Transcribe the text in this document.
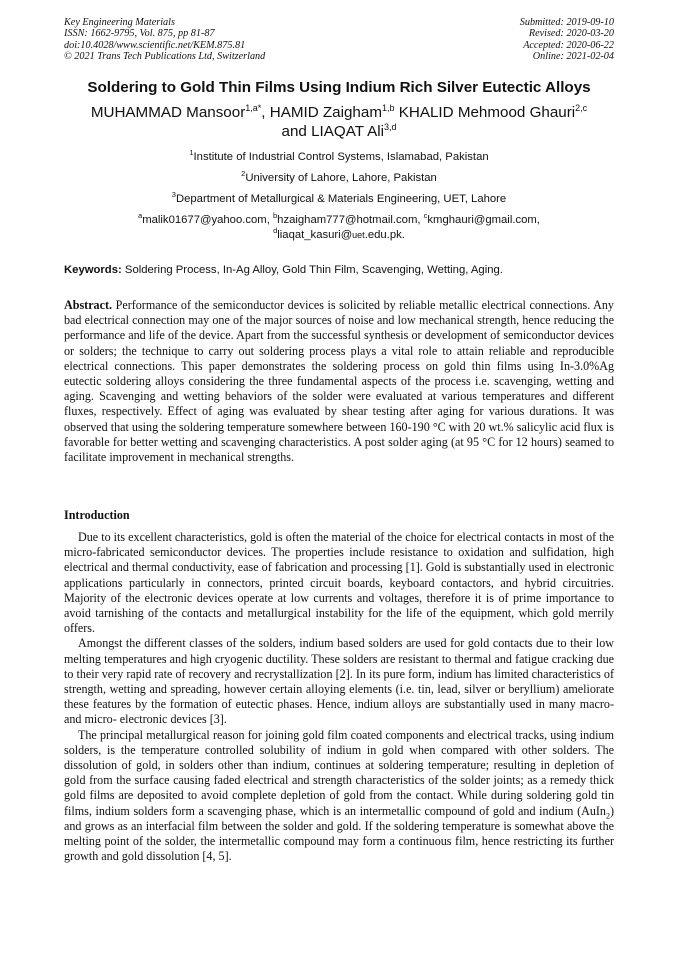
Key Engineering Materials
ISSN: 1662-9795, Vol. 875, pp 81-87
doi:10.4028/www.scientific.net/KEM.875.81
© 2021 Trans Tech Publications Ltd, Switzerland
Submitted: 2019-09-10
Revised: 2020-03-20
Accepted: 2020-06-22
Online: 2021-02-04
Soldering to Gold Thin Films Using Indium Rich Silver Eutectic Alloys
MUHAMMAD Mansoor$^{1,a*}$, HAMID Zaigham$^{1,b}$ KHALID Mehmood Ghauri$^{2,c}$
and LIAQAT Ali$^{3,d}$
$^1$Institute of Industrial Control Systems, Islamabad, Pakistan
$^2$University of Lahore, Lahore, Pakistan
$^3$Department of Metallurgical & Materials Engineering, UET, Lahore
$^a$malik01677@yahoo.com, $^b$hzaigham777@hotmail.com, $^c$kmghauri@gmail.com,
$^d$liaqat_kasuri@uet.edu.pk.
Keywords: Soldering Process, In-Ag Alloy, Gold Thin Film, Scavenging, Wetting, Aging.

Abstract. Performance of the semiconductor devices is solicited by reliable metallic electrical connections. Any bad electrical connection may one of the major sources of noise and low mechanical strength, hence reducing the performance and life of the device. Apart from the successful synthesis or development of semiconductor devices or solders; the technique to carry out soldering process plays a vital role to attain reliable and reproducible electrical connections. This paper demonstrates the soldering process on gold thin films using In-3.0%Ag eutectic soldering alloys considering the three fundamental aspects of the process i.e. scavenging, wetting and aging. Scavenging and wetting behaviors of the solder were evaluated at various temperatures and different fluxes, respectively. Effect of aging was evaluated by shear testing after aging for various durations. It was observed that using the soldering temperature somewhere between 160-190 °C with 20 wt.% salicylic acid flux is favorable for better wetting and scavenging characteristics. A post solder aging (at 95 °C for 12 hours) seamed to facilitate improvement in mechanical strengths.

Introduction

Due to its excellent characteristics, gold is often the material of the choice for electrical contacts in most of the micro-fabricated semiconductor devices. The properties include resistance to oxidation and sulfidation, high electrical and thermal conductivity, ease of fabrication and processing [1]. Gold is substantially used in electronic applications particularly in connectors, printed circuit boards, keyboard contactors, and hybrid circuitries. Majority of the electronic devices operate at low currents and voltages, therefore it is of prime importance to avoid tarnishing of the contacts and metallurgical instability for the life of the equipment, which gold merrily offers.

Amongst the different classes of the solders, indium based solders are used for gold contacts due to their low melting temperatures and high cryogenic ductility. These solders are resistant to thermal and fatigue cracking due to their very rapid rate of recovery and recrystallization [2]. In its pure form, indium has limited characteristics of strength, wetting and spreading, however certain alloying elements (i.e. tin, lead, silver or beryllium) ameliorate these features by the formation of eutectic phases. Hence, indium alloys are substantially used in many macro- and micro- electronic devices [3].

The principal metallurgical reason for joining gold film coated components and electrical tracks, using indium solders, is the temperature controlled solubility of indium in gold when compared with other solders. The dissolution of gold, in solders other than indium, continues at soldering temperature; resulting in depletion of gold from the surface causing faded electrical and strength characteristics of the solder joints; as a remedy thick gold films are deposited to avoid complete depletion of gold from the contact. While during soldering gold tin films, indium solders form a scavenging phase, which is an intermetallic compound of gold and indium (AuIn$_2$) and grows as an interfacial film between the solder and gold. If the soldering temperature is somewhat above the melting point of the solder, the intermetallic compound may form a continuous film, hence restricting its further growth and gold dissolution [4, 5].
